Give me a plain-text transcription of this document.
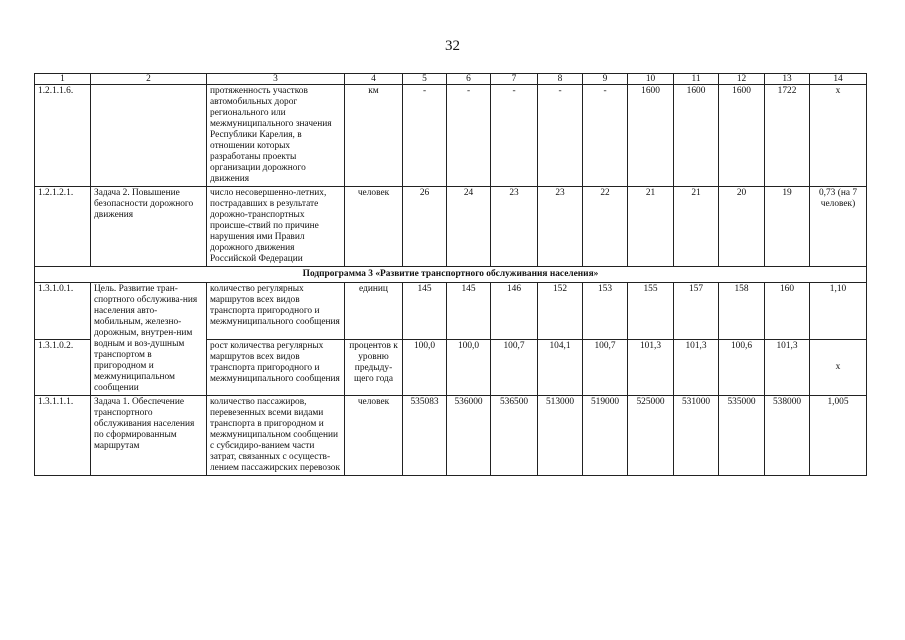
32
1	2	3	4	5	6	7	8	9	10	11	12	13	14
1.2.1.1.6.		протяженность участков автомобильных дорог регионального или межмуниципального значения Республики Карелия, в отношении которых разработаны проекты организации дорожного движения	км	-	-	-	-	-	1600	1600	1600	1722	x
1.2.1.2.1.	Задача 2. Повышение безопасности дорожного движения	число несовершенно-летних, пострадавших в результате дорожно-транспортных происше-ствий по причине нарушения ими Правил дорожного движения Российской Федерации	человек	26	24	23	23	22	21	21	20	19	0,73 (на 7 человек)
Подпрограмма 3 «Развитие транспортного обслуживания населения»													
1.3.1.0.1.	Цель. Развитие тран-спортного обслужива-ния населения авто-мобильным, железно-дорожным, внутрен-ним водным и воз-душным транспортом в пригородном и межмуниципальном сообщении	количество регулярных маршрутов всех видов транспорта пригородного и межмуниципального сообщения	единиц	145	145	146	152	153	155	157	158	160	1,10
1.3.1.0.2.		рост количества регулярных маршрутов всех видов транспорта пригородного и межмуниципального сообщения	процентов к уровню предыду-щего года	100,0	100,0	100,7	104,1	100,7	101,3	101,3	100,6	101,3	x
1.3.1.1.1.	Задача 1. Обеспечение транспортного обслуживания населения по сформированным маршрутам	количество пассажиров, перевезенных всеми видами транспорта в пригородном и межмуниципальном сообщении с субсидиро-ванием части затрат, связанных с осуществ-лением пассажирских перевозок	человек	535083	536000	536500	513000	519000	525000	531000	535000	538000	1,005
